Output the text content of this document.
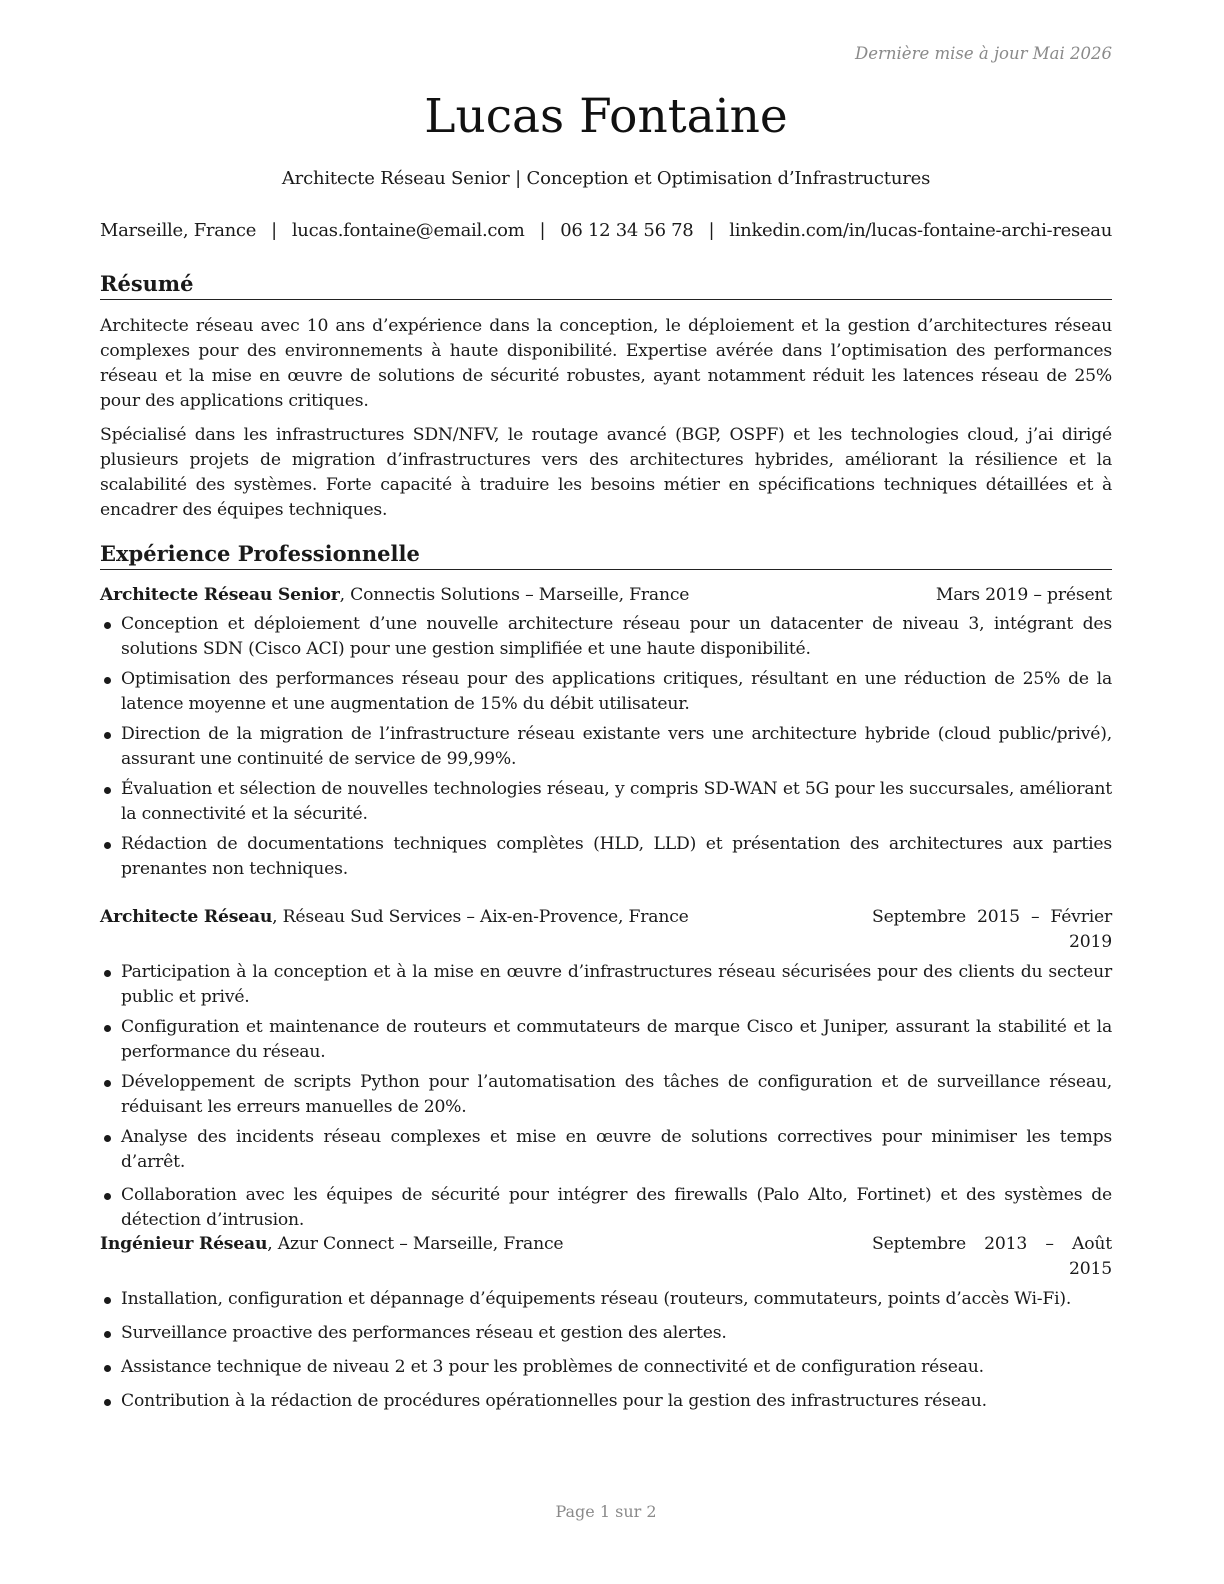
Dernière mise à jour Mai 2026
Lucas Fontaine
Architecte Réseau Senior | Conception et Optimisation d’Infrastructures
Marseille, France | lucas.fontaine@email.com | 06 12 34 56 78 | linkedin.com/in/lucas-fontaine-archi-reseau
Résumé

Architecte réseau avec 10 ans d’expérience dans la conception, le déploiement et la gestion d’architectures réseau complexes pour des environnements à haute disponibilité. Expertise avérée dans l’optimisation des performances réseau et la mise en œuvre de solutions de sécurité robustes, ayant notamment réduit les latences réseau de 25% pour des applications critiques.

Spécialisé dans les infrastructures SDN/NFV, le routage avancé (BGP, OSPF) et les technologies cloud, j’ai dirigé plusieurs projets de migration d’infrastructures vers des architectures hybrides, améliorant la résilience et la scalabilité des systèmes. Forte capacité à traduire les besoins métier en spécifications techniques détaillées et à encadrer des équipes techniques.

Expérience Professionnelle
Architecte Réseau Senior, Connectis Solutions – Marseille, France	Mars 2019 – présent
Conception et déploiement d’une nouvelle architecture réseau pour un datacenter de niveau 3, intégrant des solutions SDN (Cisco ACI) pour une gestion simplifiée et une haute disponibilité.
Optimisation des performances réseau pour des applications critiques, résultant en une réduction de 25% de la latence moyenne et une augmentation de 15% du débit utilisateur.
Direction de la migration de l’infrastructure réseau existante vers une architecture hybride (cloud public/privé), assurant une continuité de service de 99,99%.
Évaluation et sélection de nouvelles technologies réseau, y compris SD-WAN et 5G pour les succursales, améliorant la connectivité et la sécurité.
Rédaction de documentations techniques complètes (HLD, LLD) et présentation des architectures aux parties prenantes non techniques.
Architecte Réseau, Réseau Sud Services – Aix-en-Provence, France	Septembre 2015 – Février 2019
Participation à la conception et à la mise en œuvre d’infrastructures réseau sécurisées pour des clients du secteur public et privé.
Configuration et maintenance de routeurs et commutateurs de marque Cisco et Juniper, assurant la stabilité et la performance du réseau.
Développement de scripts Python pour l’automatisation des tâches de configuration et de surveillance réseau, réduisant les erreurs manuelles de 20%.
Analyse des incidents réseau complexes et mise en œuvre de solutions correctives pour minimiser les temps d’arrêt.
Collaboration avec les équipes de sécurité pour intégrer des firewalls (Palo Alto, Fortinet) et des systèmes de détection d’intrusion.
Ingénieur Réseau, Azur Connect – Marseille, France	Septembre 2013 – Août 2015
Installation, configuration et dépannage d’équipements réseau (routeurs, commutateurs, points d’accès Wi-Fi).
Surveillance proactive des performances réseau et gestion des alertes.
Assistance technique de niveau 2 et 3 pour les problèmes de connectivité et de configuration réseau.
Contribution à la rédaction de procédures opérationnelles pour la gestion des infrastructures réseau.
Page 1 sur 2
